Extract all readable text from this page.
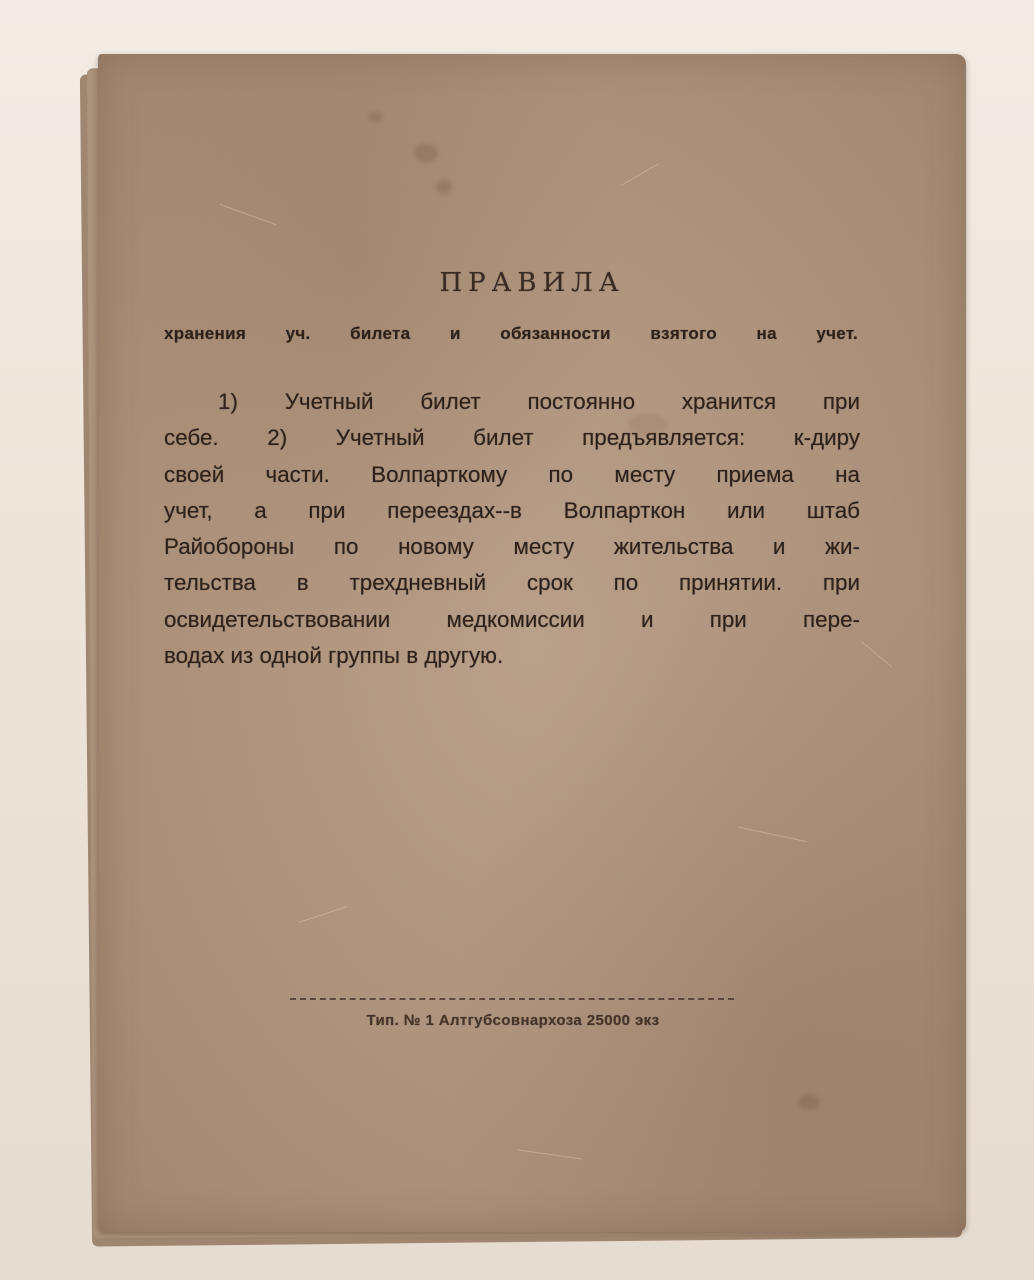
ПРАВИЛА
хранения уч. билета и обязанности взятого на учет.
1) Учетный билет постоянно хранится при
себе. 2) Учетный билет предъявляется: к-диру
своей части. Волпарткому по месту приема на
учет, а при переездах--в Волпарткон или штаб
Райобороны по новому месту жительства и жи-
тельства в трехдневный срок по принятии. при
освидетельствовании медкомиссии и при пере-
водах из одной группы в другую.
Тип. № 1 Алтгубсовнархоза 25000 экз
